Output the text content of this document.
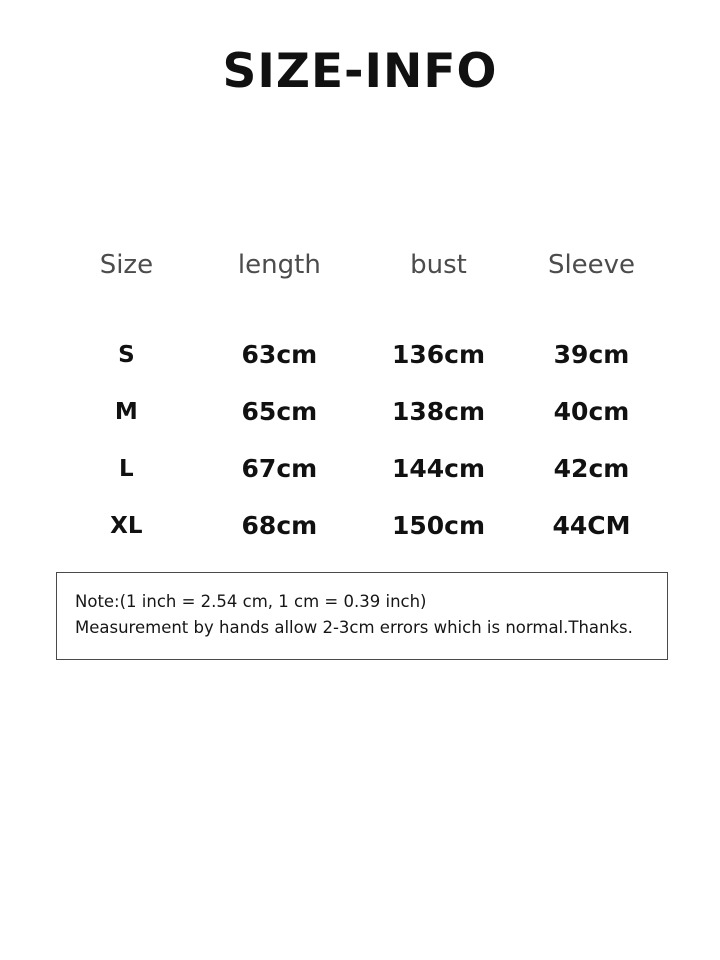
SIZE-INFO
Size	length	bust	Sleeve
S	63cm	136cm	39cm
M	65cm	138cm	40cm
L	67cm	144cm	42cm
XL	68cm	150cm	44CM
Note:(1 inch = 2.54 cm, 1 cm = 0.39 inch)
Measurement by hands allow 2-3cm errors which is normal.Thanks.
